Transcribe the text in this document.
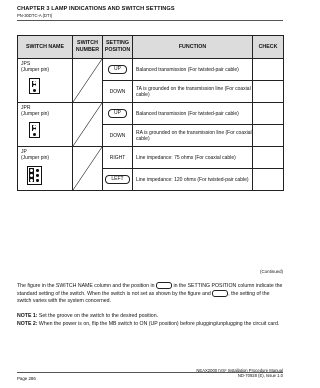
CHAPTER 3 LAMP INDICATIONS AND SWITCH SETTINGS
PN-30DTC-A (DTI)
SWITCH NAME	SWITCH NUMBER	SETTING POSITION	FUNCTION	CHECK

JPS
(Jumper pin)		UP	Balanced transmission (For twisted-pair cable)	
		DOWN	TA is grounded on the transmission line (For coaxial cable)	

JPR
(Jumper pin)		UP	Balanced transmission (For twisted-pair cable)	
		DOWN	RA is grounded on the transmission line (For coaxial cable)	

JP
(Jumper pin)		RIGHT	Line impedance: 75 ohms (For coaxial cable)	
		LEFT	Line impedance: 120 ohms (For twisted-pair cable)	
(Continued)
The figure in the SWITCH NAME column and the position in	in the SETTING POSITION column indicate the standard setting of the switch. When the switch is not set as shown by the figure and	, the setting of the switch varies with the system concerned.
NOTE 1: Set the groove on the switch to the desired position.
NOTE 2: When the power is on, flip the MB switch to ON (UP position) before plugging/unplugging the circuit card.
NEAX2000 IVS² Installation Procedure Manual
ND-70928 (E), Issue 1.0
Page 286
